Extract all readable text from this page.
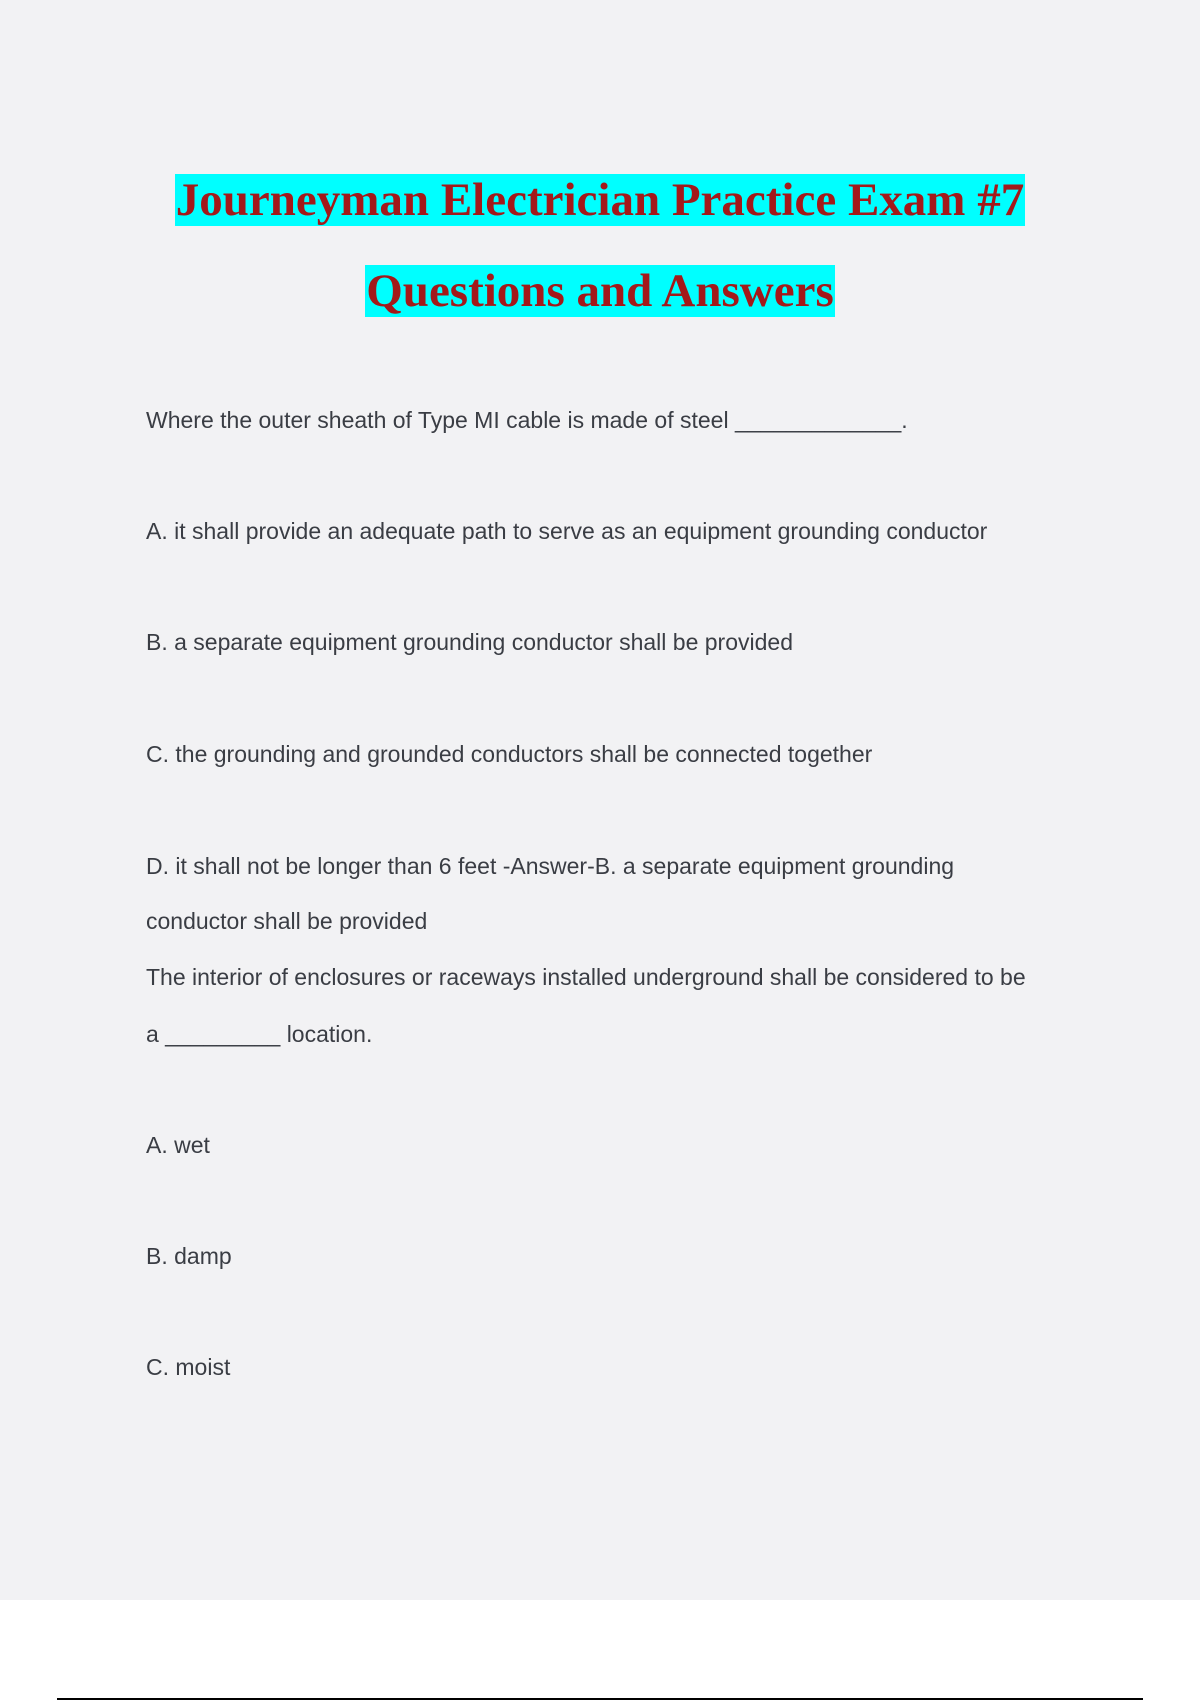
Journeyman Electrician Practice Exam #7
Questions and Answers
Where the outer sheath of Type MI cable is made of steel _____________.
A. it shall provide an adequate path to serve as an equipment grounding conductor
B. a separate equipment grounding conductor shall be provided
C. the grounding and grounded conductors shall be connected together
D. it shall not be longer than 6 feet -Answer-B. a separate equipment grounding
conductor shall be provided
The interior of enclosures or raceways installed underground shall be considered to be
a _________ location.
A. wet
B. damp
C. moist
